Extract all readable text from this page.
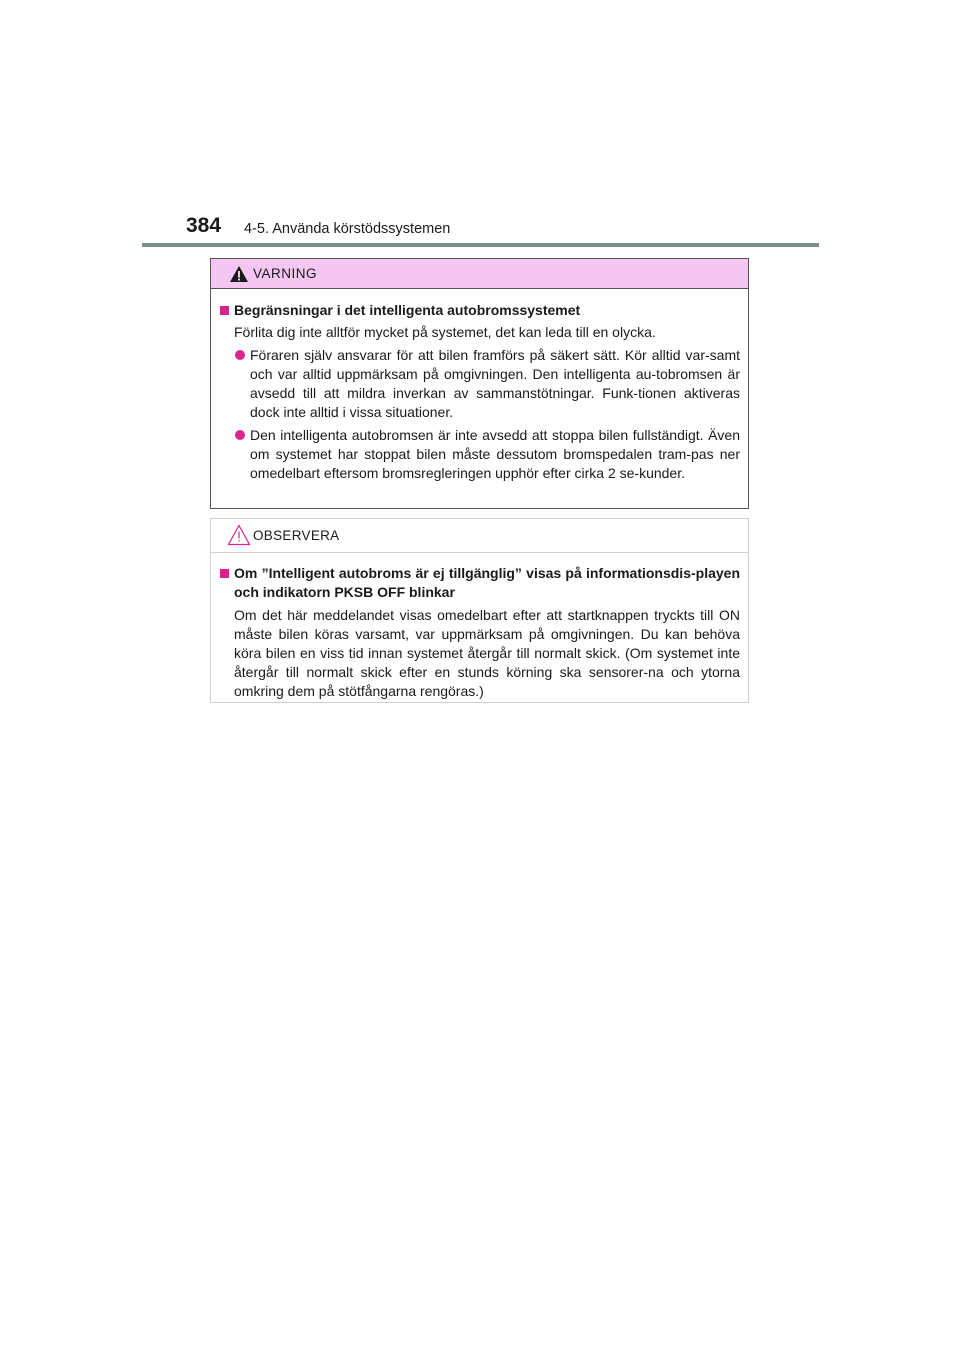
384 4-5. Använda körstödssystemen
VARNING
Begränsningar i det intelligenta autobromssystemet
Förlita dig inte alltför mycket på systemet, det kan leda till en olycka.
Föraren själv ansvarar för att bilen framförs på säkert sätt. Kör alltid var-samt och var alltid uppmärksam på omgivningen. Den intelligenta au-tobromsen är avsedd till att mildra inverkan av sammanstötningar. Funk-tionen aktiveras dock inte alltid i vissa situationer.
Den intelligenta autobromsen är inte avsedd att stoppa bilen fullständigt. Även om systemet har stoppat bilen måste dessutom bromspedalen tram-pas ner omedelbart eftersom bromsregleringen upphör efter cirka 2 se-kunder.
OBSERVERA
Om ”Intelligent autobroms är ej tillgänglig” visas på informationsdis-playen och indikatorn PKSB OFF blinkar
Om det här meddelandet visas omedelbart efter att startknappen tryckts till ON måste bilen köras varsamt, var uppmärksam på omgivningen. Du kan behöva köra bilen en viss tid innan systemet återgår till normalt skick. (Om systemet inte återgår till normalt skick efter en stunds körning ska sensorer-na och ytorna omkring dem på stötfångarna rengöras.)
